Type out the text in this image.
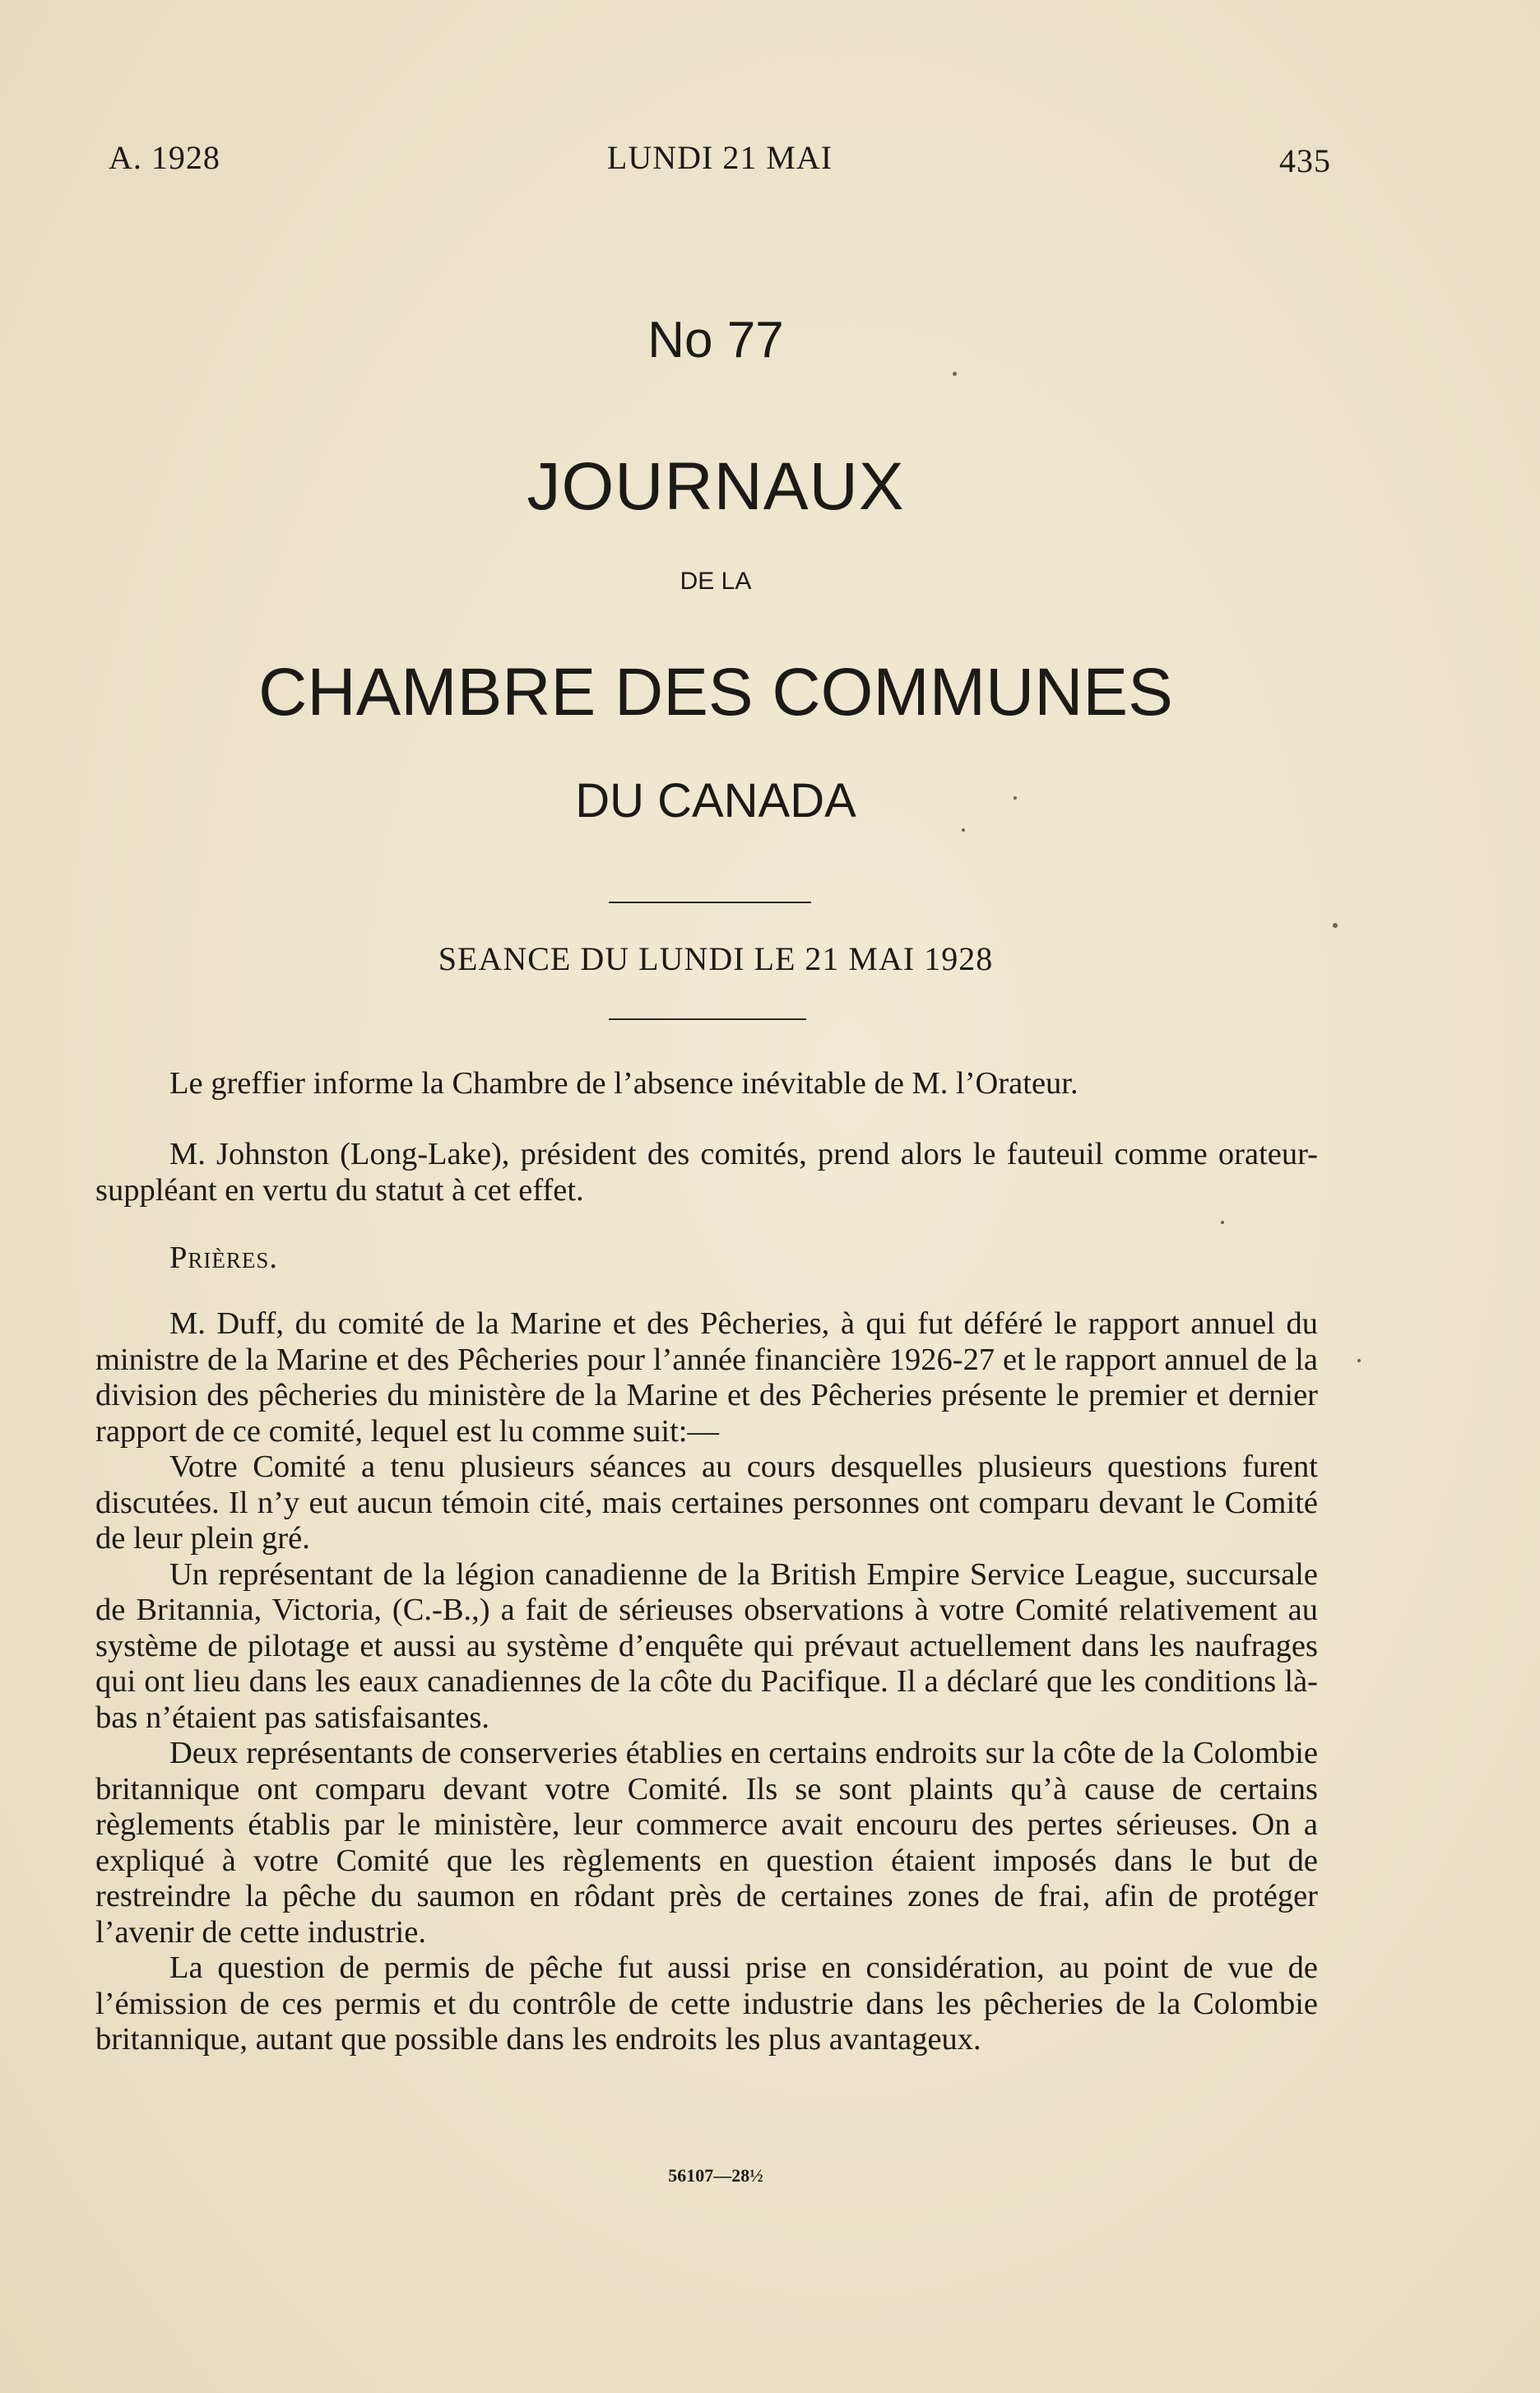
A. 1928	LUNDI 21 MAI	435
No 77
JOURNAUX
DE LA
CHAMBRE DES COMMUNES
DU CANADA
SEANCE DU LUNDI LE 21 MAI 1928

Le greffier informe la Chambre de l’absence inévitable de M. l’Orateur.

M. Johnston (Long-Lake), président des comités, prend alors le fauteuil comme orateur-suppléant en vertu du statut à cet effet.

Prières.

M. Duff, du comité de la Marine et des Pêcheries, à qui fut déféré le rapport annuel du ministre de la Marine et des Pêcheries pour l’année financière 1926-27 et le rapport annuel de la division des pêcheries du ministère de la Marine et des Pêcheries présente le premier et dernier rapport de ce comité, lequel est lu comme suit:—

Votre Comité a tenu plusieurs séances au cours desquelles plusieurs questions furent discutées. Il n’y eut aucun témoin cité, mais certaines personnes ont comparu devant le Comité de leur plein gré.

Un représentant de la légion canadienne de la British Empire Service League, succursale de Britannia, Victoria, (C.-B.,) a fait de sérieuses observations à votre Comité relativement au système de pilotage et aussi au système d’enquête qui prévaut actuellement dans les naufrages qui ont lieu dans les eaux canadiennes de la côte du Pacifique. Il a déclaré que les conditions là-bas n’étaient pas satisfaisantes.

Deux représentants de conserveries établies en certains endroits sur la côte de la Colombie britannique ont comparu devant votre Comité. Ils se sont plaints qu’à cause de certains règlements établis par le ministère, leur commerce avait encouru des pertes sérieuses. On a expliqué à votre Comité que les règlements en question étaient imposés dans le but de restreindre la pêche du saumon en rôdant près de certaines zones de frai, afin de protéger l’avenir de cette industrie.

La question de permis de pêche fut aussi prise en considération, au point de vue de l’émission de ces permis et du contrôle de cette industrie dans les pêcheries de la Colombie britannique, autant que possible dans les endroits les plus avantageux.

56107—28½
